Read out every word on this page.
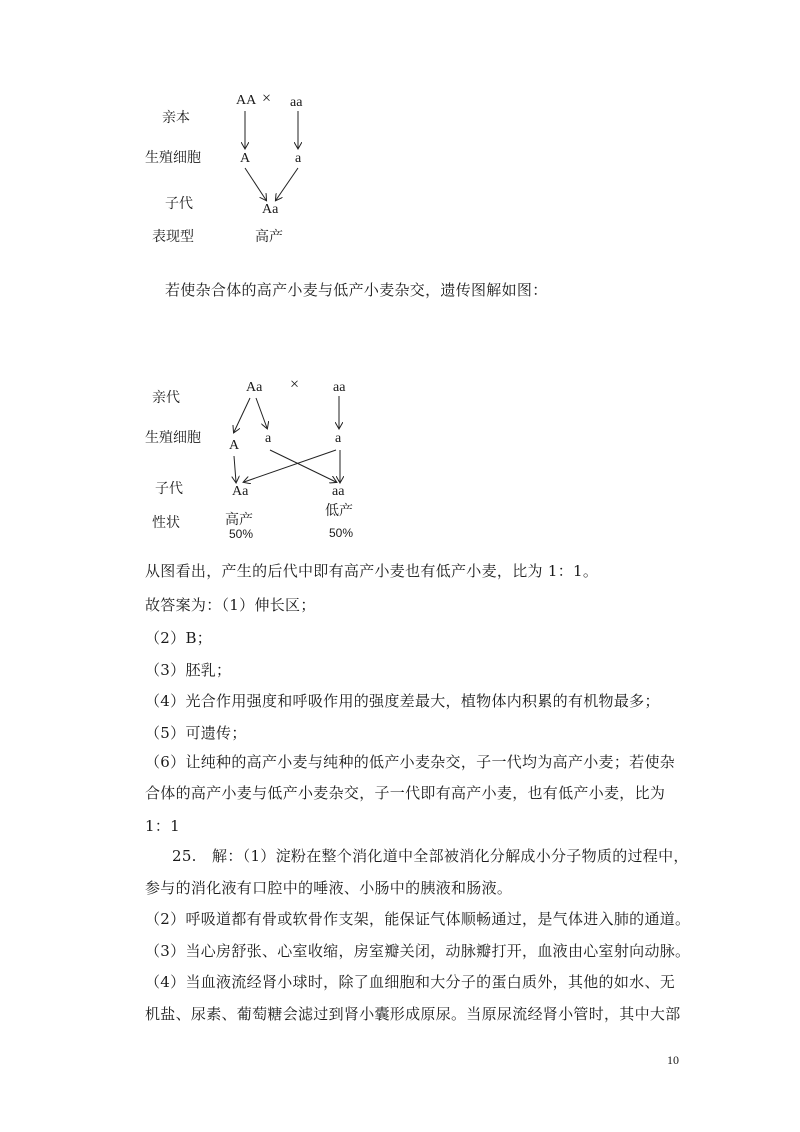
亲本
生殖细胞
子代
表现型
AA × aa
A	a
Aa
高产
亲代
生殖细胞
子代
性状
Aa × aa
A a	a
Aa	aa
高产
低产
50%	50%
若使杂合体的高产小麦与低产小麦杂交，遗传图解如图：
从图看出，产生的后代中即有高产小麦也有低产小麦，比为 1：1。
故答案为：（1）伸长区；
（2）B；
（3）胚乳；
（4）光合作用强度和呼吸作用的强度差最大，植物体内积累的有机物最多；
（5）可遗传；
（6）让纯种的高产小麦与纯种的低产小麦杂交，子一代均为高产小麦；若使杂
合体的高产小麦与低产小麦杂交，子一代即有高产小麦，也有低产小麦，比为
1：1
25.　解：（1）淀粉在整个消化道中全部被消化分解成小分子物质的过程中，
参与的消化液有口腔中的唾液、小肠中的胰液和肠液。
（2）呼吸道都有骨或软骨作支架，能保证气体顺畅通过，是气体进入肺的通道。
（3）当心房舒张、心室收缩，房室瓣关闭，动脉瓣打开，血液由心室射向动脉。
（4）当血液流经肾小球时，除了血细胞和大分子的蛋白质外，其他的如水、无
机盐、尿素、葡萄糖会滤过到肾小囊形成原尿。当原尿流经肾小管时，其中大部
10
